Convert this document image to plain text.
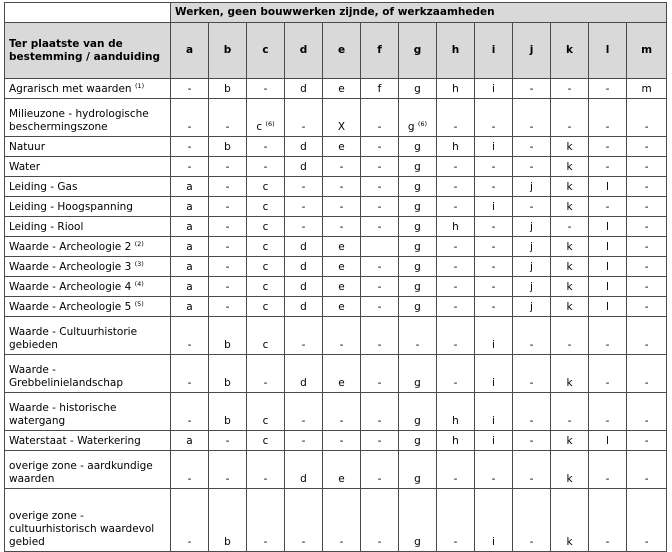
	Werken, geen bouwwerken zijnde, of werkzaamheden												
Ter plaatste van de bestemming / aanduiding	a	b	c	d	e	f	g	h	i	j	k	l	m
Agrarisch met waarden $^{(1)}$	-	b	-	d	e	f	g	h	i	-	-	-	m
Milieuzone - hydrologische beschermingszone	-	-	c $^{(6)}$	-	X	-	g $^{(6)}$	-	-	-	-	-	-
Natuur	-	b	-	d	e	-	g	h	i	-	k	-	-
Water	-	-	-	d	-	-	g	-	-	-	k	-	-
Leiding - Gas	a	-	c	-	-	-	g	-	-	j	k	l	-
Leiding - Hoogspanning	a	-	c	-	-	-	g	-	i	-	k	-	-
Leiding - Riool	a	-	c	-	-	-	g	h	-	j	-	l	-
Waarde - Archeologie 2 $^{(2)}$	a	-	c	d	e		g	-	-	j	k	l	-
Waarde - Archeologie 3 $^{(3)}$	a	-	c	d	e	-	g	-	-	j	k	l	-
Waarde - Archeologie 4 $^{(4)}$	a	-	c	d	e	-	g	-	-	j	k	l	-
Waarde - Archeologie 5 $^{(5)}$	a	-	c	d	e	-	g	-	-	j	k	l	-
Waarde - Cultuurhistorie gebieden	-	b	c	-	-	-	-	-	i	-	-	-	-
Waarde - Grebbelinielandschap	-	b	-	d	e	-	g	-	i	-	k	-	-
Waarde - historische watergang	-	b	c	-	-	-	g	h	i	-	-	-	-
Waterstaat - Waterkering	a	-	c	-	-	-	g	h	i	-	k	l	-
overige zone - aardkundige waarden	-	-	-	d	e	-	g	-	-	-	k	-	-
overige zone - cultuurhistorisch waardevol gebied	-	b	-	-	-	-	g	-	i	-	k	-	-
